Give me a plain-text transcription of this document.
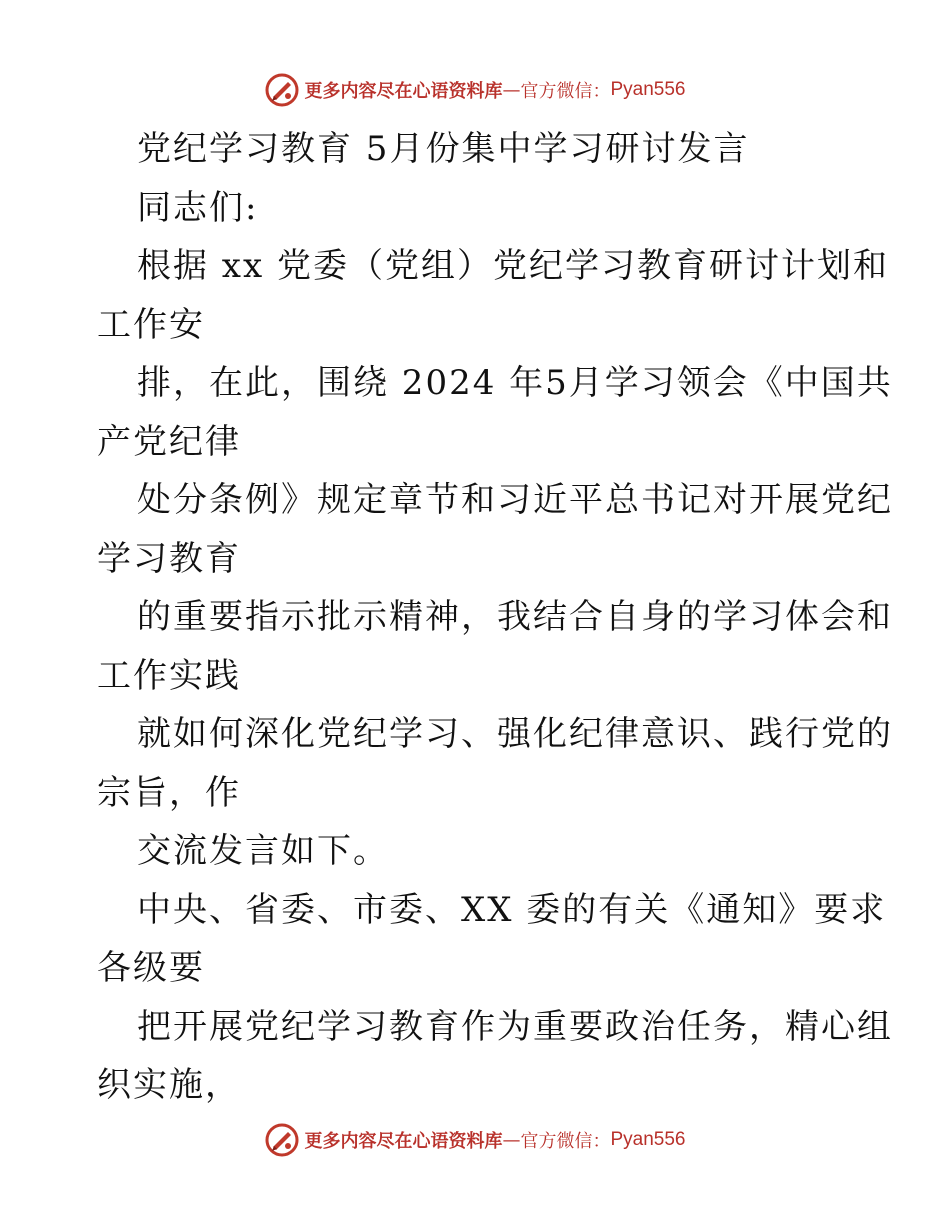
更多内容尽在心语资料库 — 官方微信： Pyan556
党纪学习教育 5月份集中学习研讨发言
同志们:
根据 xx 党委（党组）党纪学习教育研讨计划和
工作安
排，在此，围绕 2024 年5月学习领会《中国共
产党纪律
处分条例》规定章节和习近平总书记对开展党纪
学习教育
的重要指示批示精神，我结合自身的学习体会和
工作实践
就如何深化党纪学习、强化纪律意识、践行党的
宗旨，作
交流发言如下。
中央、省委、市委、XX 委的有关《通知》要求
各级要
把开展党纪学习教育作为重要政治任务，精心组
织实施，
更多内容尽在心语资料库 — 官方微信： Pyan556
